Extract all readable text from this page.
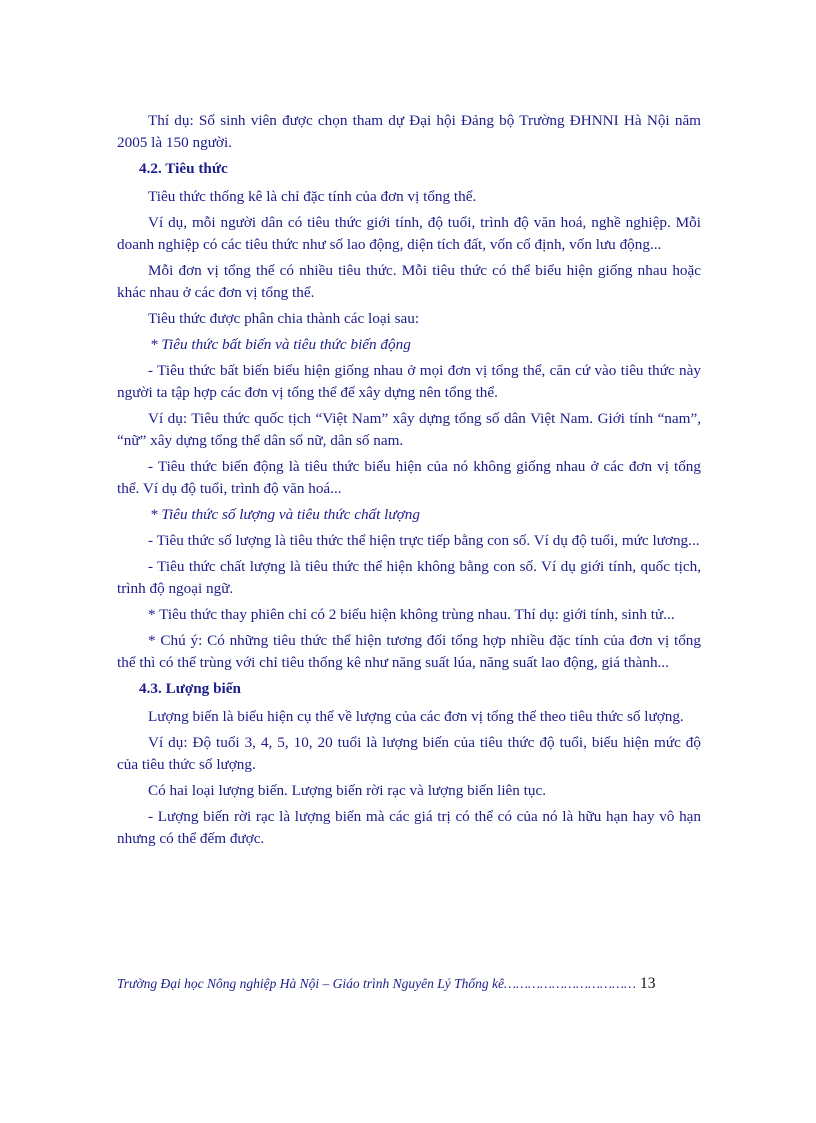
Thí dụ: Số sinh viên được chọn tham dự Đại hội Đảng bộ Trường ĐHNNI Hà Nội năm 2005 là 150 người.

4.2. Tiêu thức

Tiêu thức thống kê là chỉ đặc tính của đơn vị tổng thể.

Ví dụ, mỗi người dân có tiêu thức giới tính, độ tuổi, trình độ văn hoá, nghề nghiệp. Mỗi doanh nghiệp có các tiêu thức như số lao động, diện tích đất, vốn cố định, vốn lưu động...

Mỗi đơn vị tổng thể có nhiều tiêu thức. Mỗi tiêu thức có thể biểu hiện giống nhau hoặc khác nhau ở các đơn vị tổng thể.

Tiêu thức được phân chia thành các loại sau:

* Tiêu thức bất biến và tiêu thức biến động

- Tiêu thức bất biến biểu hiện giống nhau ở mọi đơn vị tổng thể, căn cứ vào tiêu thức này người ta tập hợp các đơn vị tổng thể để xây dựng nên tổng thể.

Ví dụ: Tiêu thức quốc tịch “Việt Nam” xây dựng tổng số dân Việt Nam. Giới tính “nam”, “nữ” xây dựng tổng thể dân số nữ, dân số nam.

- Tiêu thức biến động là tiêu thức biểu hiện của nó không giống nhau ở các đơn vị tổng thể. Ví dụ độ tuổi, trình độ văn hoá...

* Tiêu thức số lượng và tiêu thức chất lượng

- Tiêu thức số lượng là tiêu thức thể hiện trực tiếp bằng con số. Ví dụ độ tuổi, mức lương...

- Tiêu thức chất lượng là tiêu thức thể hiện không bằng con số. Ví dụ giới tính, quốc tịch, trình độ ngoại ngữ.

* Tiêu thức thay phiên chỉ có 2 biểu hiện không trùng nhau. Thí dụ: giới tính, sinh tử...

* Chú ý: Có những tiêu thức thể hiện tương đối tổng hợp nhiều đặc tính của đơn vị tổng thể thì có thể trùng với chỉ tiêu thống kê như năng suất lúa, năng suất lao động, giá thành...

4.3. Lượng biến

Lượng biến là biểu hiện cụ thể về lượng của các đơn vị tổng thể theo tiêu thức số lượng.

Ví dụ: Độ tuổi 3, 4, 5, 10, 20 tuổi là lượng biến của tiêu thức độ tuổi, biểu hiện mức độ của tiêu thức số lượng.

Có hai loại lượng biến. Lượng biến rời rạc và lượng biến liên tục.

- Lượng biến rời rạc là lượng biến mà các giá trị có thể có của nó là hữu hạn hay vô hạn nhưng có thể đếm được.

Trường Đại học Nông nghiệp Hà Nội – Giáo trình Nguyên Lý Thống kê…………………………… 13
